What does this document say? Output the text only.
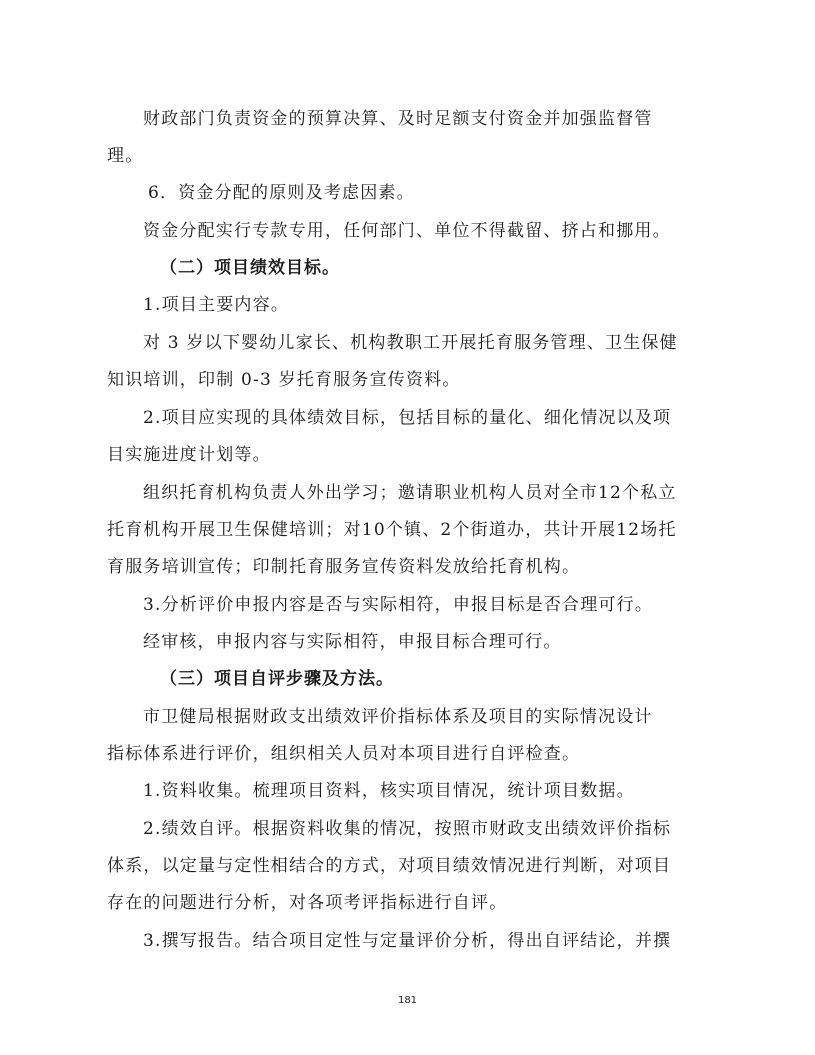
财政部门负责资金的预算决算、及时足额支付资金并加强监督管
理。
6．资金分配的原则及考虑因素。
资金分配实行专款专用，任何部门、单位不得截留、挤占和挪用。
（二）项目绩效目标。
1.项目主要内容。
对 3 岁以下婴幼儿家长、机构教职工开展托育服务管理、卫生保健
知识培训，印制 0-3 岁托育服务宣传资料。
2.项目应实现的具体绩效目标，包括目标的量化、细化情况以及项
目实施进度计划等。
组织托育机构负责人外出学习；邀请职业机构人员对全市12个私立
托育机构开展卫生保健培训；对10个镇、2个街道办，共计开展12场托
育服务培训宣传；印制托育服务宣传资料发放给托育机构。
3.分析评价申报内容是否与实际相符，申报目标是否合理可行。
经审核，申报内容与实际相符，申报目标合理可行。
（三）项目自评步骤及方法。
市卫健局根据财政支出绩效评价指标体系及项目的实际情况设计
指标体系进行评价，组织相关人员对本项目进行自评检查。
1.资料收集。梳理项目资料，核实项目情况，统计项目数据。
2.绩效自评。根据资料收集的情况，按照市财政支出绩效评价指标
体系，以定量与定性相结合的方式，对项目绩效情况进行判断，对项目
存在的问题进行分析，对各项考评指标进行自评。
3.撰写报告。结合项目定性与定量评价分析，得出自评结论，并撰
181
